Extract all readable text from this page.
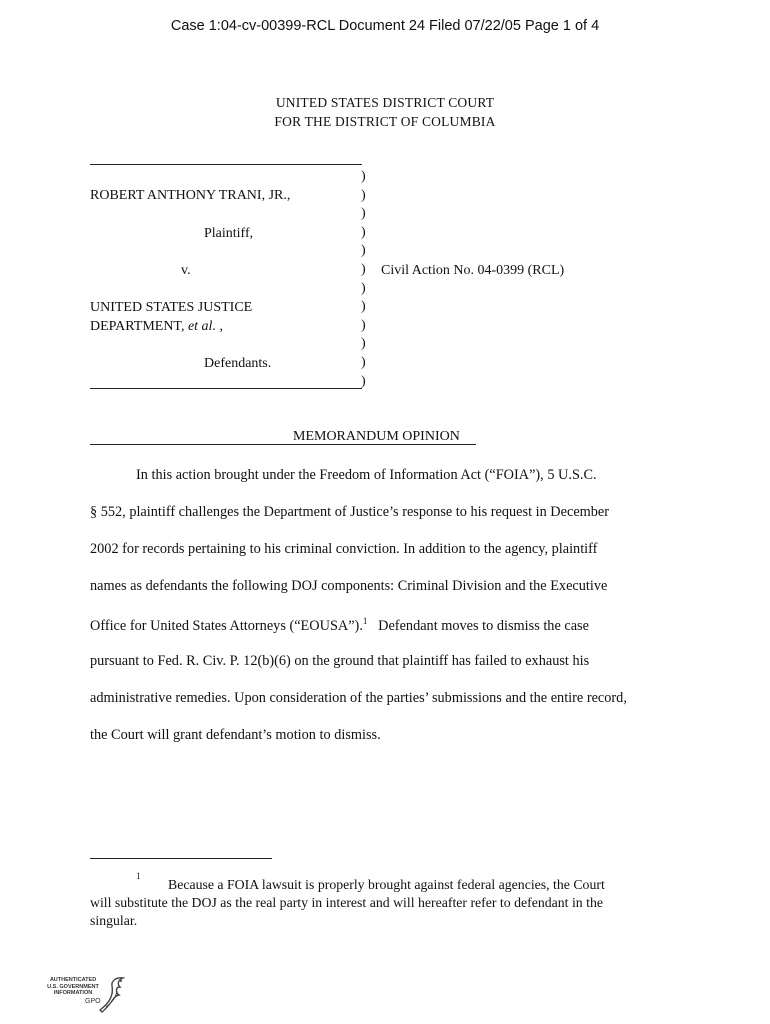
Case 1:04-cv-00399-RCL Document 24 Filed 07/22/05 Page 1 of 4
UNITED STATES DISTRICT COURT
FOR THE DISTRICT OF COLUMBIA
ROBERT ANTHONY TRANI, JR.,
Plaintiff,
v.
UNITED STATES JUSTICE
DEPARTMENT, et al. ,
Defendants.
)
)
)
)
)
)
)
)
)
)
)
)
Civil Action No. 04-0399 (RCL)
MEMORANDUM OPINION
In this action brought under the Freedom of Information Act (“FOIA”), 5 U.S.C.
§ 552, plaintiff challenges the Department of Justice’s response to his request in December
2002 for records pertaining to his criminal conviction. In addition to the agency, plaintiff
names as defendants the following DOJ components: Criminal Division and the Executive
Office for United States Attorneys (“EOUSA”).$^1$ Defendant moves to dismiss the case
pursuant to Fed. R. Civ. P. 12(b)(6) on the ground that plaintiff has failed to exhaust his
administrative remedies. Upon consideration of the parties’ submissions and the entire record,
the Court will grant defendant’s motion to dismiss.
1
Because a FOIA lawsuit is properly brought against federal agencies, the Court
will substitute the DOJ as the real party in interest and will hereafter refer to defendant in the
singular.
AUTHENTICATED
U.S. GOVERNMENT
INFORMATION
GPO
